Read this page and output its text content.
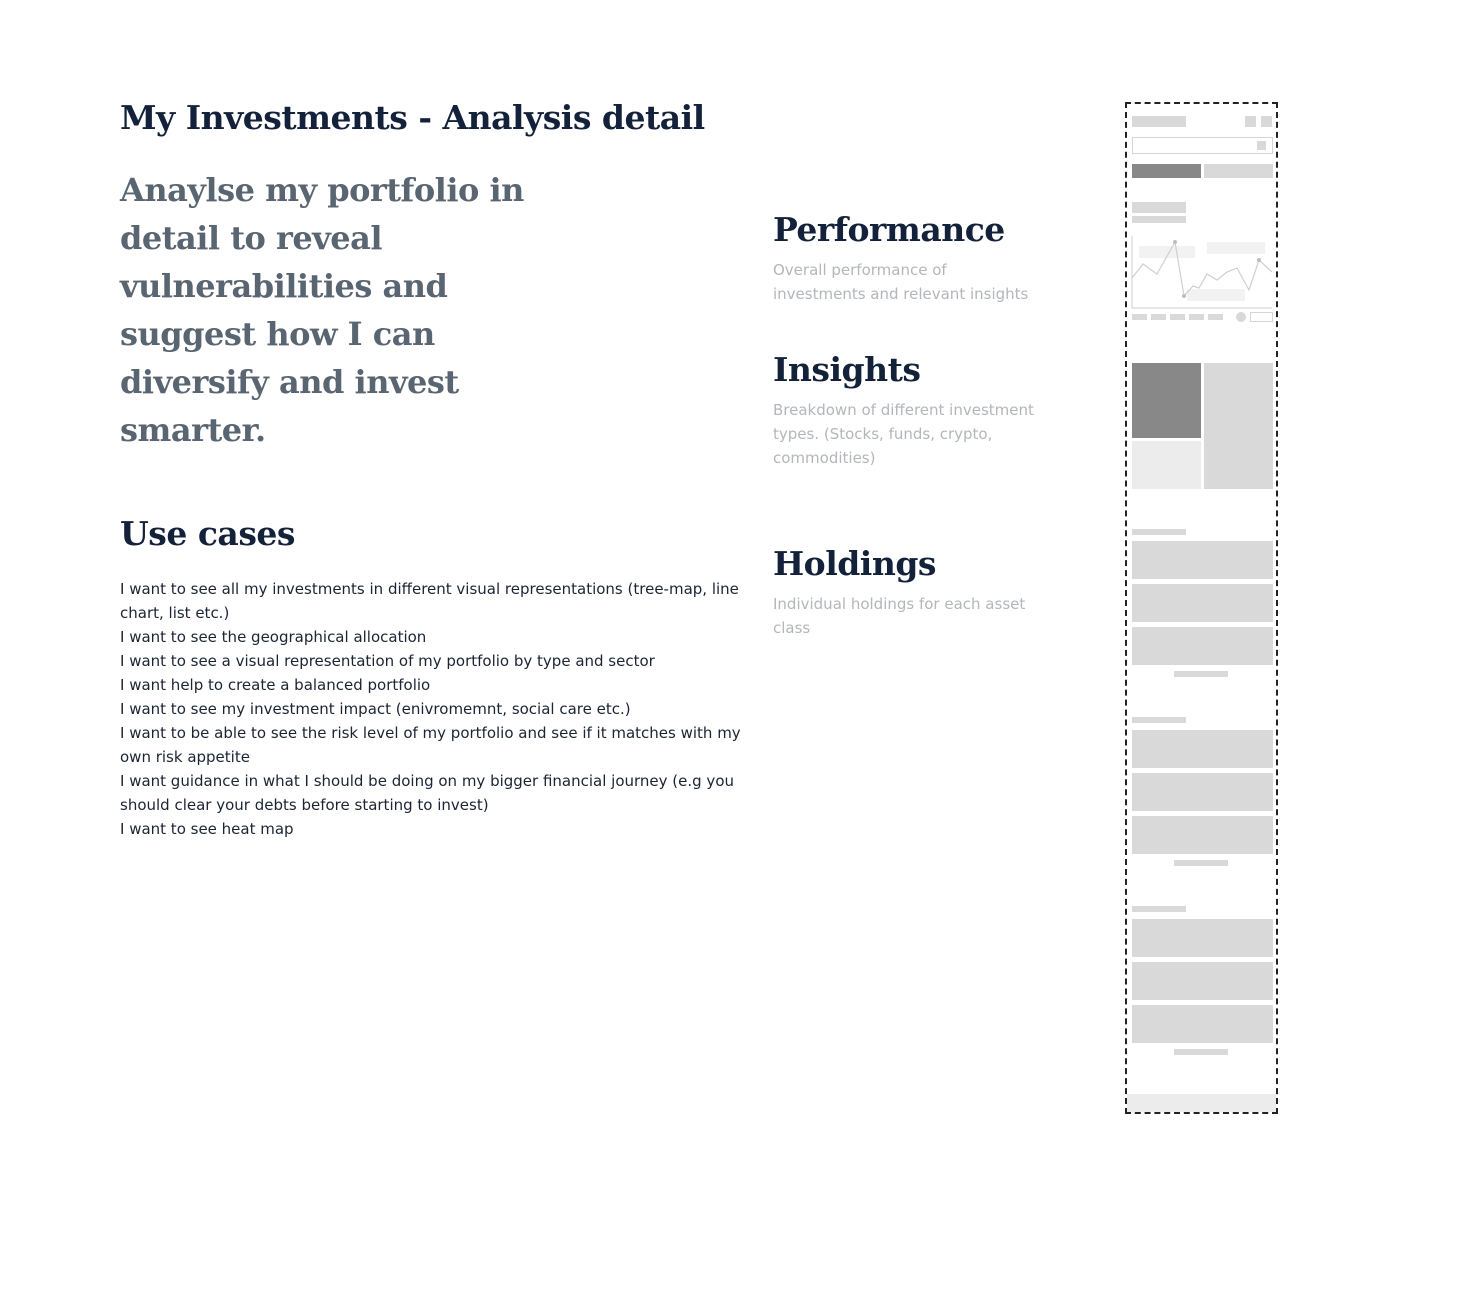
My Investments - Analysis detail

Anaylse my portfolio in detail to reveal vulnerabilities and suggest how I can diversify and invest smarter.

Use cases
I want to see all my investments in different visual representations (tree-map, line chart, list etc.)
I want to see the geographical allocation
I want to see a visual representation of my portfolio by type and sector
I want help to create a balanced portfolio
I want to see my investment impact (enivromemnt, social care etc.)
I want to be able to see the risk level of my portfolio and see if it matches with my own risk appetite
I want guidance in what I should be doing on my bigger financial journey (e.g you should clear your debts before starting to invest)
I want to see heat map
Performance

Overall performance of investments and relevant insights

Insights

Breakdown of different investment types. (Stocks, funds, crypto, commodities)

Holdings

Individual holdings for each asset class
